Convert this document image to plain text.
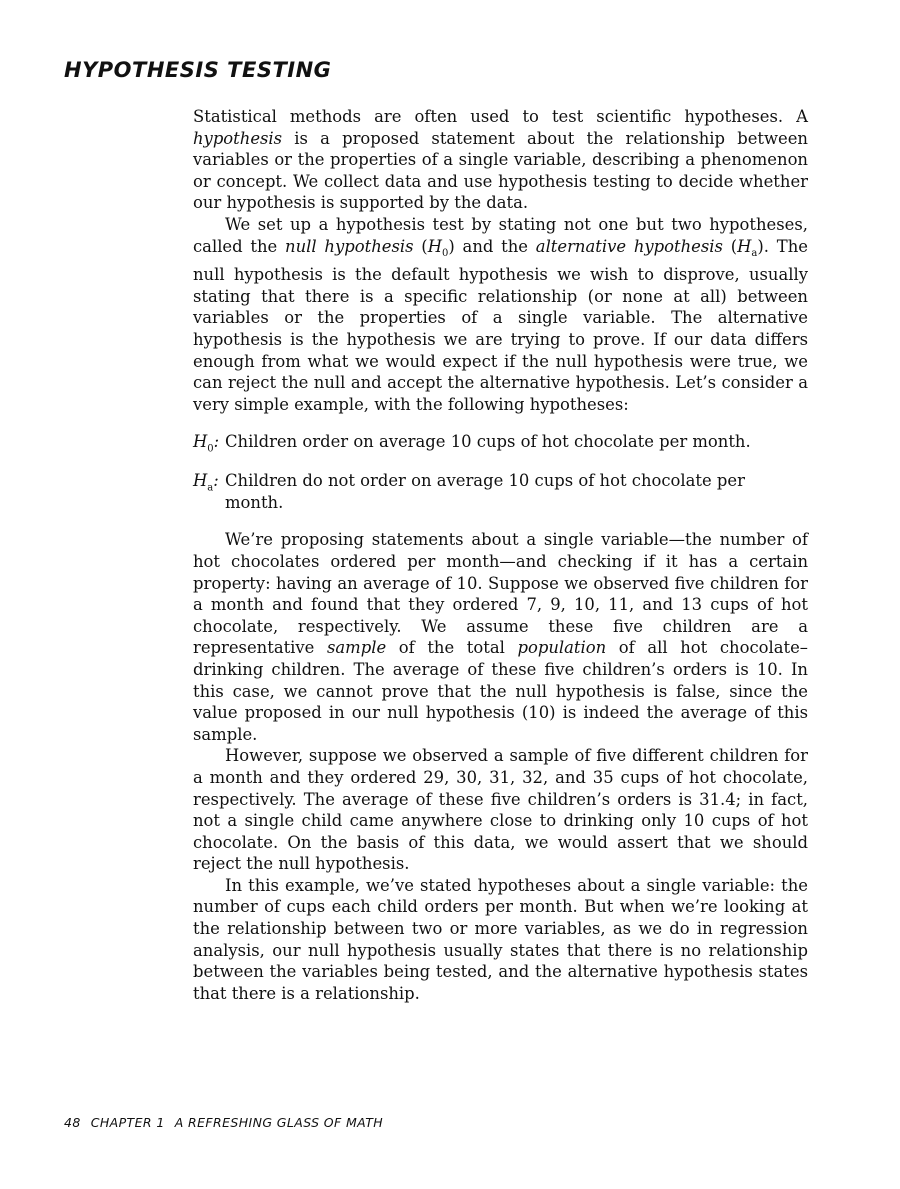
HYPOTHESIS TESTING

Statistical methods are often used to test scientific hypotheses. A hypothesis is a proposed statement about the relationship between variables or the properties of a single variable, describing a phenomenon or concept. We collect data and use hypothesis testing to decide whether our hypothesis is supported by the data.

We set up a hypothesis test by stating not one but two hypotheses, called the null hypothesis $(H_0)$ and the alternative hypothesis $(H_a)$. The null hypothesis is the default hypothesis we wish to disprove, usually stating that there is a specific relationship (or none at all) between variables or the properties of a single variable. The alternative hypothesis is the hypothesis we are trying to prove. If our data differs enough from what we would expect if the null hypothesis were true, we can reject the null and accept the alternative hypothesis. Let’s consider a very simple example, with the following hypotheses:

$H_0$: Children order on average 10 cups of hot chocolate per month.
$H_a$: Children do not order on average 10 cups of hot chocolate per month.

We’re proposing statements about a single variable—the number of hot chocolates ordered per month—and checking if it has a certain property: having an average of 10. Suppose we observed five children for a month and found that they ordered 7, 9, 10, 11, and 13 cups of hot chocolate, respectively. We assume these five children are a representative sample of the total population of all hot chocolate–drinking children. The average of these five children’s orders is 10. In this case, we cannot prove that the null hypothesis is false, since the value proposed in our null hypothesis (10) is indeed the average of this sample.

However, suppose we observed a sample of five different children for a month and they ordered 29, 30, 31, 32, and 35 cups of hot chocolate, respectively. The average of these five children’s orders is 31.4; in fact, not a single child came anywhere close to drinking only 10 cups of hot chocolate. On the basis of this data, we would assert that we should reject the null hypothesis.

In this example, we’ve stated hypotheses about a single variable: the number of cups each child orders per month. But when we’re looking at the relationship between two or more variables, as we do in regression analysis, our null hypothesis usually states that there is no relationship between the variables being tested, and the alternative hypothesis states that there is a relationship.

48 CHAPTER 1 A REFRESHING GLASS OF MATH
